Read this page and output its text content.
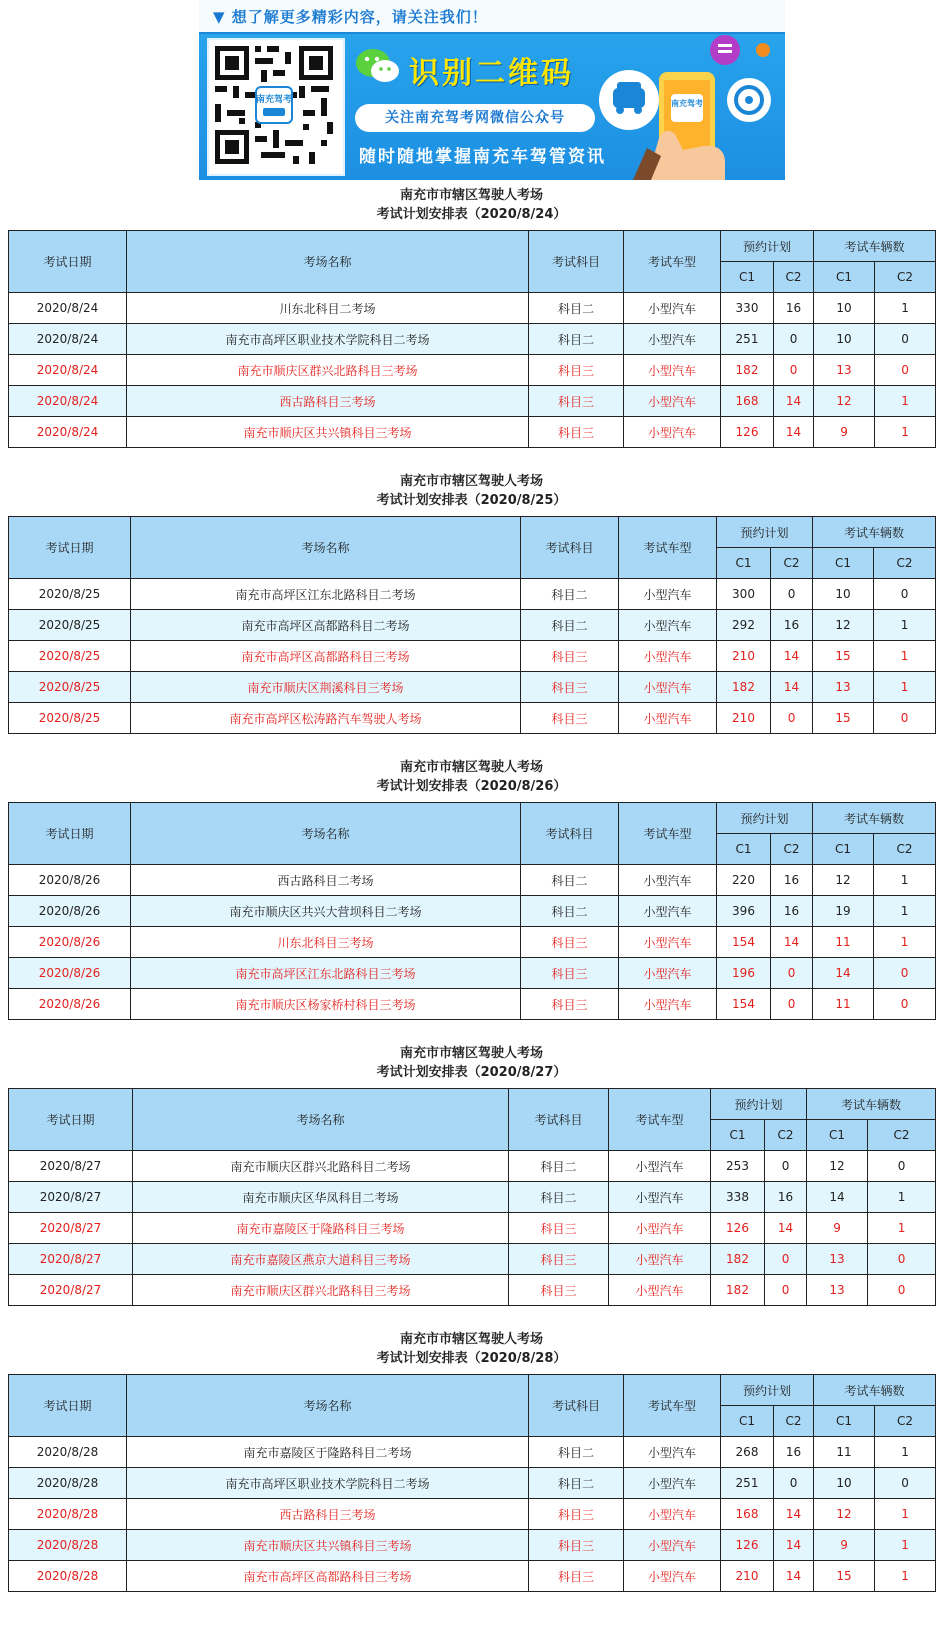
▼ 想了解更多精彩内容，请关注我们！
南充驾考
识别二维码
关注南充驾考网微信公众号
随时随地掌握南充车驾管资讯
南充驾考
南充市市辖区驾驶人考场
考试计划安排表（2020/8/24）
考试日期	考场名称	考试科目	考试车型	预约计划		考试车辆数	
				C1	C2	C1	C2
2020/8/24	川东北科目二考场	科目二	小型汽车	330	16	10	1
2020/8/24	南充市高坪区职业技术学院科目二考场	科目二	小型汽车	251	0	10	0
2020/8/24	南充市顺庆区群兴北路科目三考场	科目三	小型汽车	182	0	13	0
2020/8/24	西古路科目三考场	科目三	小型汽车	168	14	12	1
2020/8/24	南充市顺庆区共兴镇科目三考场	科目三	小型汽车	126	14	9	1
南充市市辖区驾驶人考场
考试计划安排表（2020/8/25）
考试日期	考场名称	考试科目	考试车型	预约计划		考试车辆数	
				C1	C2	C1	C2
2020/8/25	南充市高坪区江东北路科目二考场	科目二	小型汽车	300	0	10	0
2020/8/25	南充市高坪区高都路科目二考场	科目二	小型汽车	292	16	12	1
2020/8/25	南充市高坪区高都路科目三考场	科目三	小型汽车	210	14	15	1
2020/8/25	南充市顺庆区荆溪科目三考场	科目三	小型汽车	182	14	13	1
2020/8/25	南充市高坪区松涛路汽车驾驶人考场	科目三	小型汽车	210	0	15	0
南充市市辖区驾驶人考场
考试计划安排表（2020/8/26）
考试日期	考场名称	考试科目	考试车型	预约计划		考试车辆数	
				C1	C2	C1	C2
2020/8/26	西古路科目二考场	科目二	小型汽车	220	16	12	1
2020/8/26	南充市顺庆区共兴大营坝科目二考场	科目二	小型汽车	396	16	19	1
2020/8/26	川东北科目三考场	科目三	小型汽车	154	14	11	1
2020/8/26	南充市高坪区江东北路科目三考场	科目三	小型汽车	196	0	14	0
2020/8/26	南充市顺庆区杨家桥村科目三考场	科目三	小型汽车	154	0	11	0
南充市市辖区驾驶人考场
考试计划安排表（2020/8/27）
考试日期	考场名称	考试科目	考试车型	预约计划		考试车辆数	
				C1	C2	C1	C2
2020/8/27	南充市顺庆区群兴北路科目二考场	科目二	小型汽车	253	0	12	0
2020/8/27	南充市顺庆区华凤科目二考场	科目二	小型汽车	338	16	14	1
2020/8/27	南充市嘉陵区于隆路科目三考场	科目三	小型汽车	126	14	9	1
2020/8/27	南充市嘉陵区燕京大道科目三考场	科目三	小型汽车	182	0	13	0
2020/8/27	南充市顺庆区群兴北路科目三考场	科目三	小型汽车	182	0	13	0
南充市市辖区驾驶人考场
考试计划安排表（2020/8/28）
考试日期	考场名称	考试科目	考试车型	预约计划		考试车辆数	
				C1	C2	C1	C2
2020/8/28	南充市嘉陵区于隆路科目二考场	科目二	小型汽车	268	16	11	1
2020/8/28	南充市高坪区职业技术学院科目二考场	科目二	小型汽车	251	0	10	0
2020/8/28	西古路科目三考场	科目三	小型汽车	168	14	12	1
2020/8/28	南充市顺庆区共兴镇科目三考场	科目三	小型汽车	126	14	9	1
2020/8/28	南充市高坪区高都路科目三考场	科目三	小型汽车	210	14	15	1
